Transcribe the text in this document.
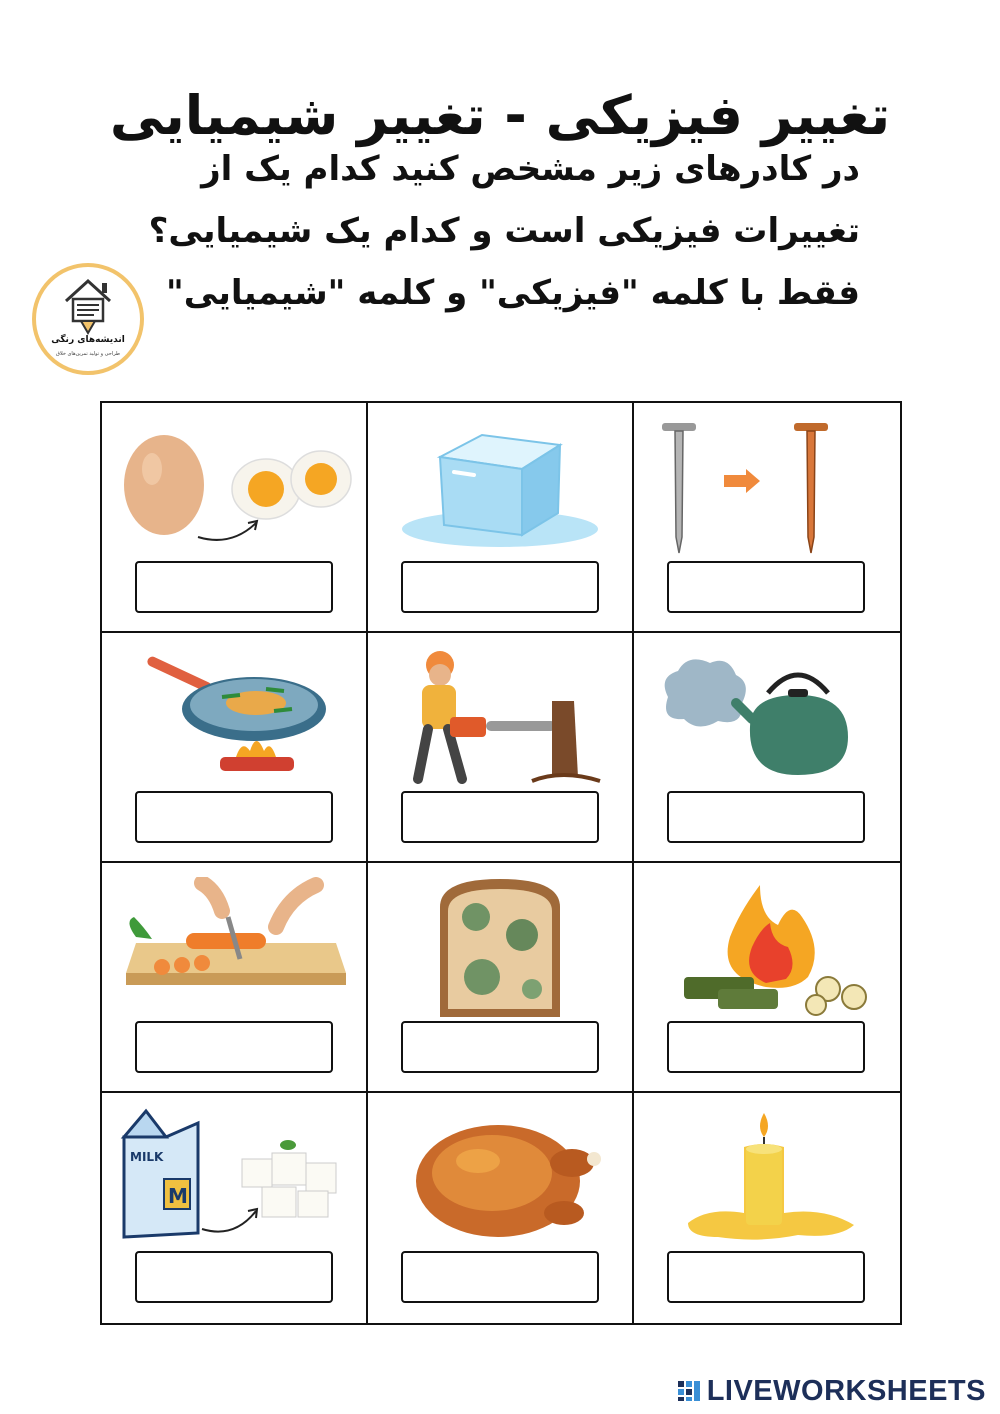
تغییر فیزیکی - تغییر شیمیایی
در کادرهای زیر مشخص کنید کدام یک از
تغییرات فیزیکی است و کدام یک شیمیایی؟
فقط با کلمه "فیزیکی" و کلمه "شیمیایی"
اندیشه‌های رنگی
طراحی و تولید تمرین‌های خلاق
MILK
M
LIVEWORKSHEETS
